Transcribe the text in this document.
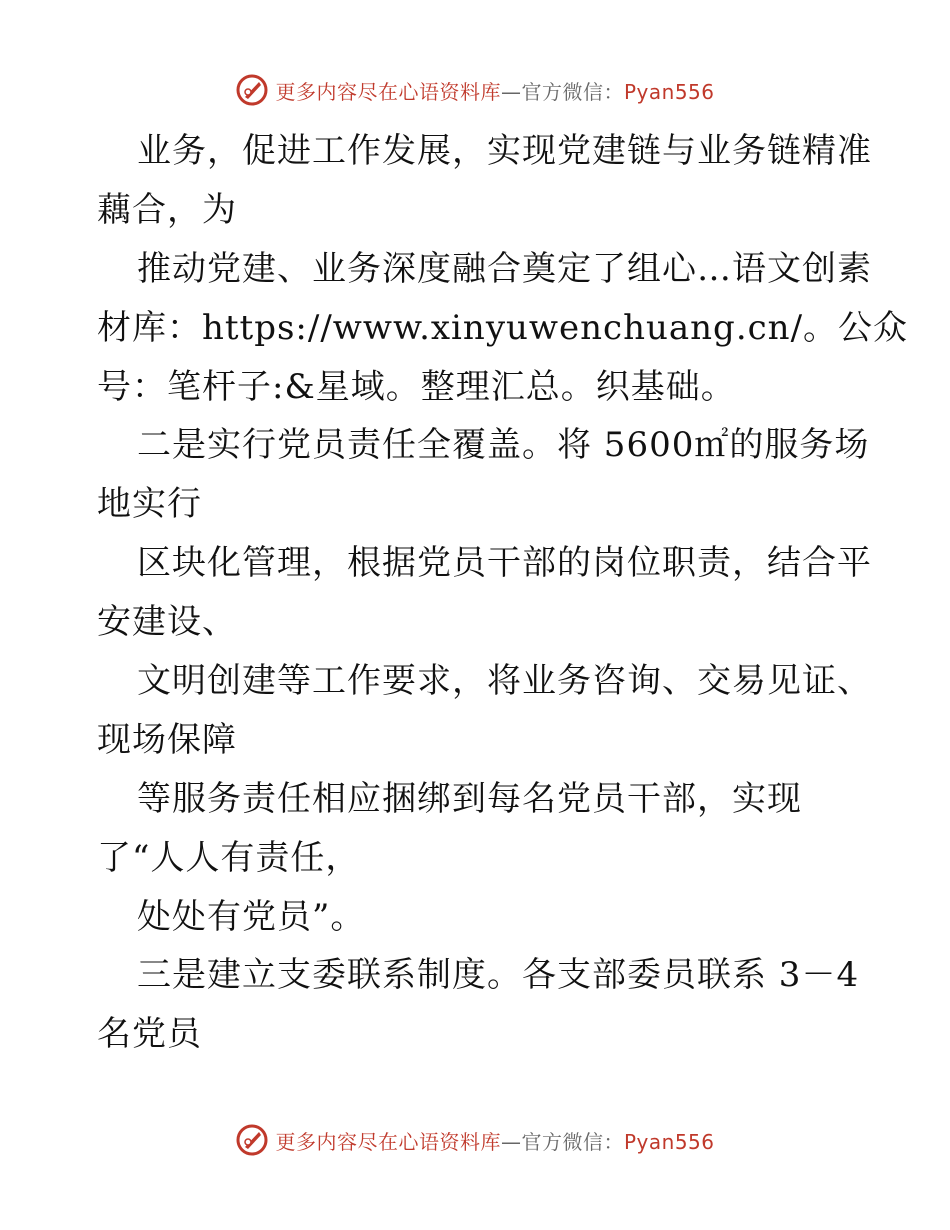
更多内容尽在心语资料库—官方微信：Pyan556
业务，促进工作发展，实现党建链与业务链精准
藕合，为
推动党建、业务深度融合奠定了组心…语文创素
材库：https://www.xinyuwenchuang.cn/。公众
号：笔杆子:&星域。整理汇总。织基础。
二是实行党员责任全覆盖。将 5600㎡的服务场
地实行
区块化管理，根据党员干部的岗位职责，结合平
安建设、
文明创建等工作要求，将业务咨询、交易见证、
现场保障
等服务责任相应捆绑到每名党员干部，实现
了“人人有责任，
处处有党员”。
三是建立支委联系制度。各支部委员联系 3－4
名党员
更多内容尽在心语资料库—官方微信：Pyan556
